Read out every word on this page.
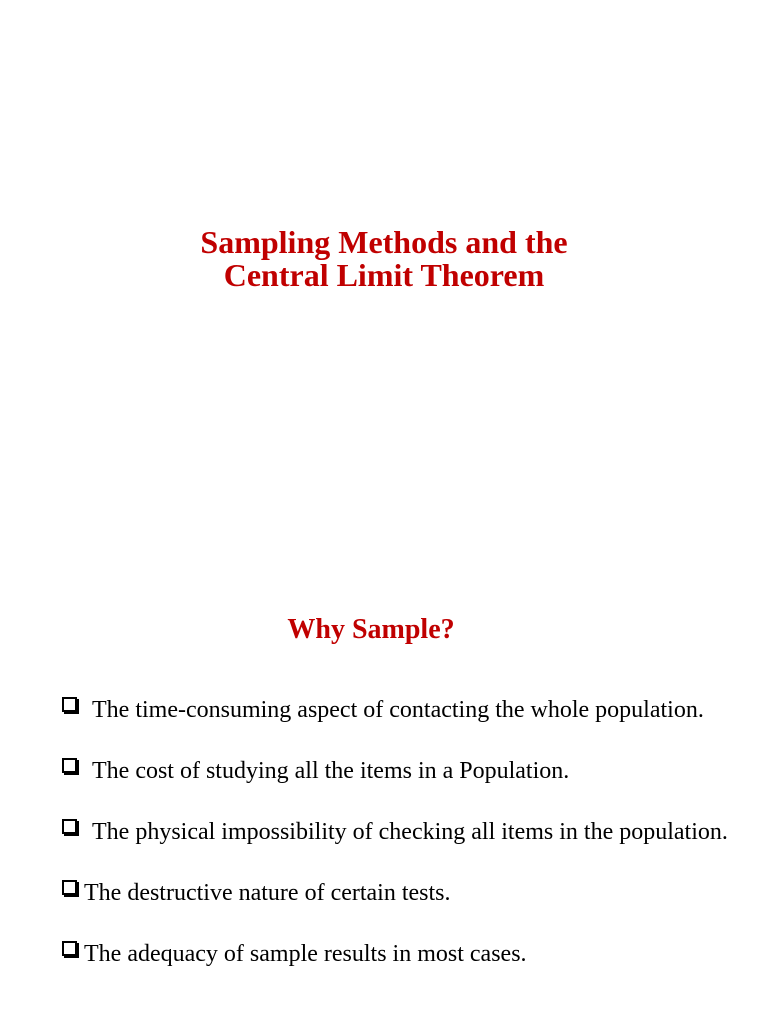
Sampling Methods and the
Central Limit Theorem
Why Sample?
The time-consuming aspect of contacting the whole population.
The cost of studying all the items in a Population.
The physical impossibility of checking all items in the population.
The destructive nature of certain tests.
The adequacy of sample results in most cases.
